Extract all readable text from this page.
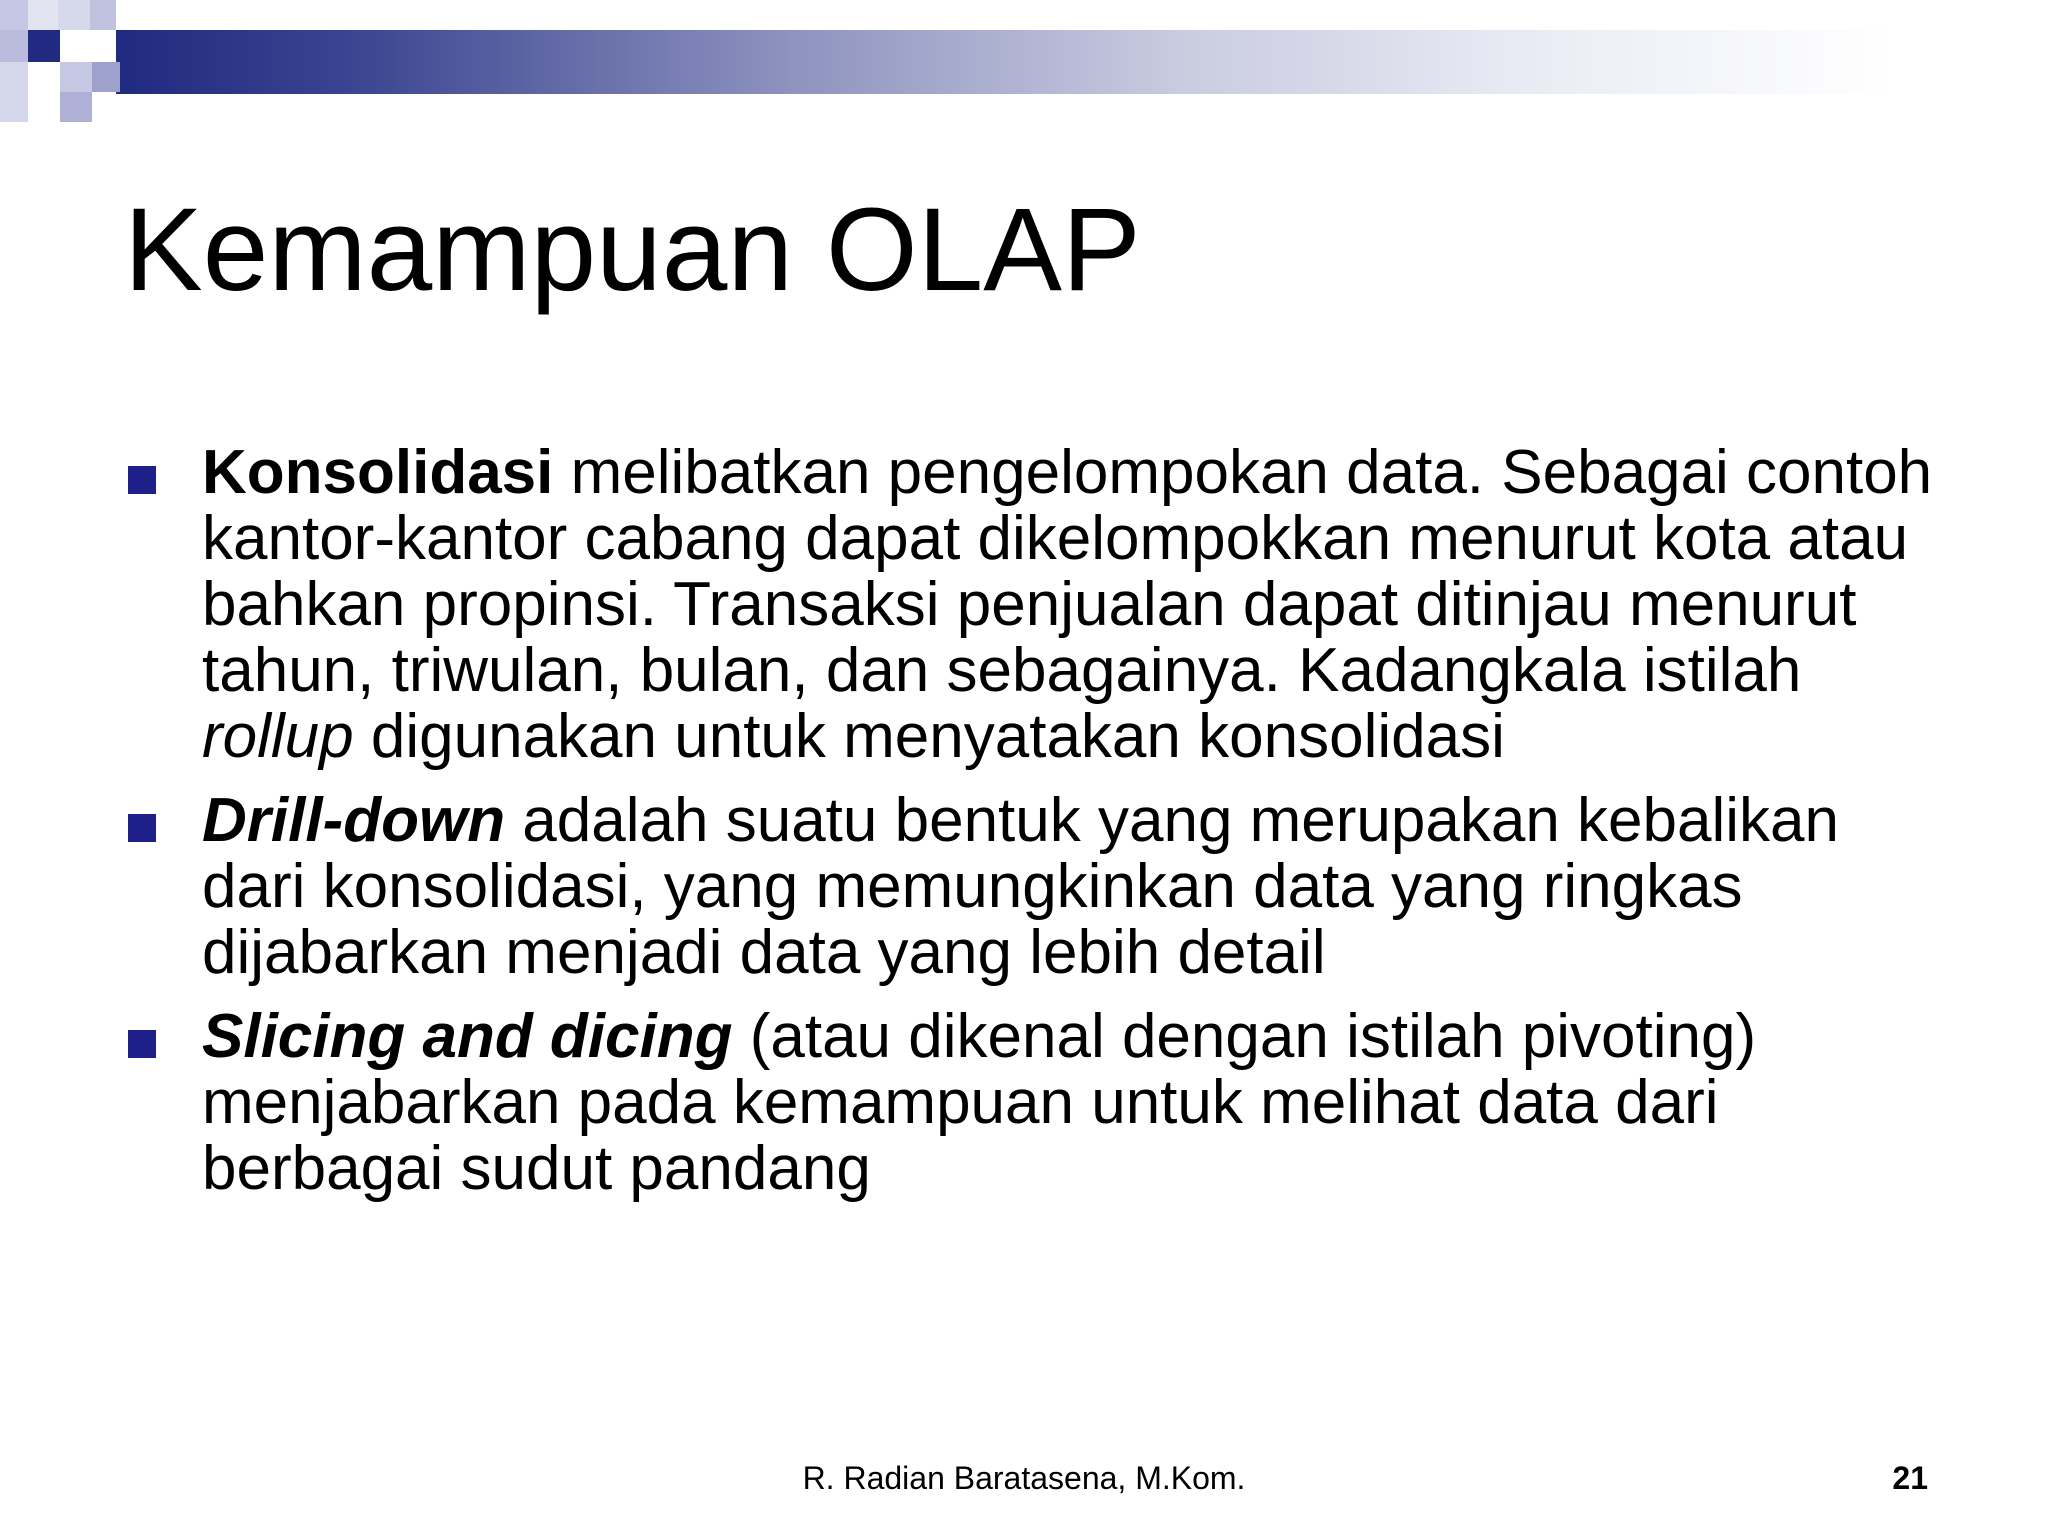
Kemampuan OLAP
Konsolidasi melibatkan pengelompokan data. Sebagai contoh kantor-kantor cabang dapat dikelompokkan menurut kota atau bahkan propinsi. Transaksi penjualan dapat ditinjau menurut tahun, triwulan, bulan, dan sebagainya. Kadangkala istilah rollup digunakan untuk menyatakan konsolidasi
Drill-down adalah suatu bentuk yang merupakan kebalikan dari konsolidasi, yang memungkinkan data yang ringkas dijabarkan menjadi data yang lebih detail
Slicing and dicing (atau dikenal dengan istilah pivoting) menjabarkan pada kemampuan untuk melihat data dari berbagai sudut pandang
R. Radian Baratasena, M.Kom.	21
